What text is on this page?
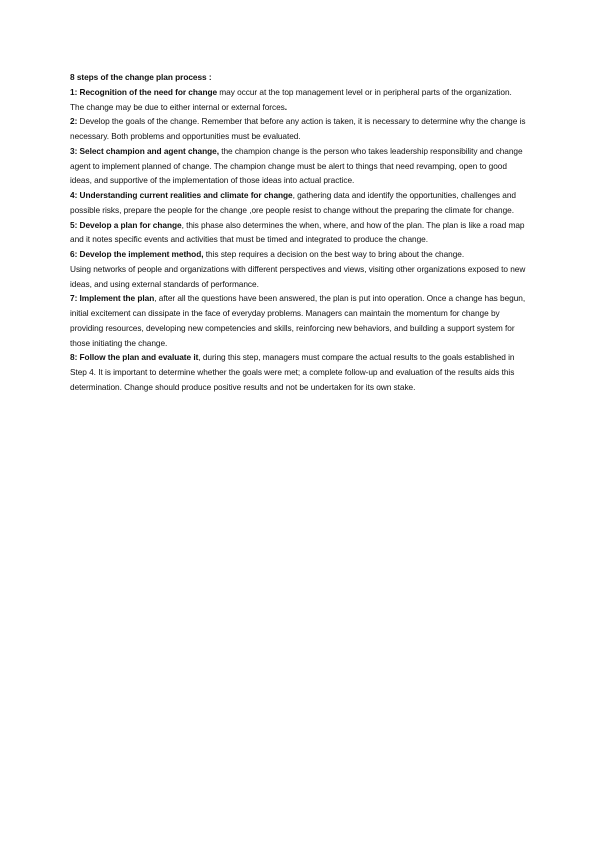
8 steps of the change plan process :

1: Recognition of the need for change may occur at the top management level or in peripheral parts of the organization. The change may be due to either internal or external forces.

2: Develop the goals of the change. Remember that before any action is taken, it is necessary to determine why the change is necessary. Both problems and opportunities must be evaluated.

3: Select champion and agent change, the champion change is the person who takes leadership responsibility and change agent to implement planned of change. The champion change must be alert to things that need revamping, open to good ideas, and supportive of the implementation of those ideas into actual practice.

4: Understanding current realities and climate for change, gathering data and identify the opportunities, challenges and possible risks, prepare the people for the change ,ore people resist to change without the preparing the climate for change.

5: Develop a plan for change, this phase also determines the when, where, and how of the plan. The plan is like a road map and it notes specific events and activities that must be timed and integrated to produce the change.

6: Develop the implement method, this step requires a decision on the best way to bring about the change.

Using networks of people and organizations with different perspectives and views, visiting other organizations exposed to new ideas, and using external standards of performance.

7: Implement the plan, after all the questions have been answered, the plan is put into operation. Once a change has begun, initial excitement can dissipate in the face of everyday problems. Managers can maintain the momentum for change by providing resources, developing new competencies and skills, reinforcing new behaviors, and building a support system for those initiating the change.

8: Follow the plan and evaluate it, during this step, managers must compare the actual results to the goals established in Step 4. It is important to determine whether the goals were met; a complete follow-up and evaluation of the results aids this determination. Change should produce positive results and not be undertaken for its own stake.
